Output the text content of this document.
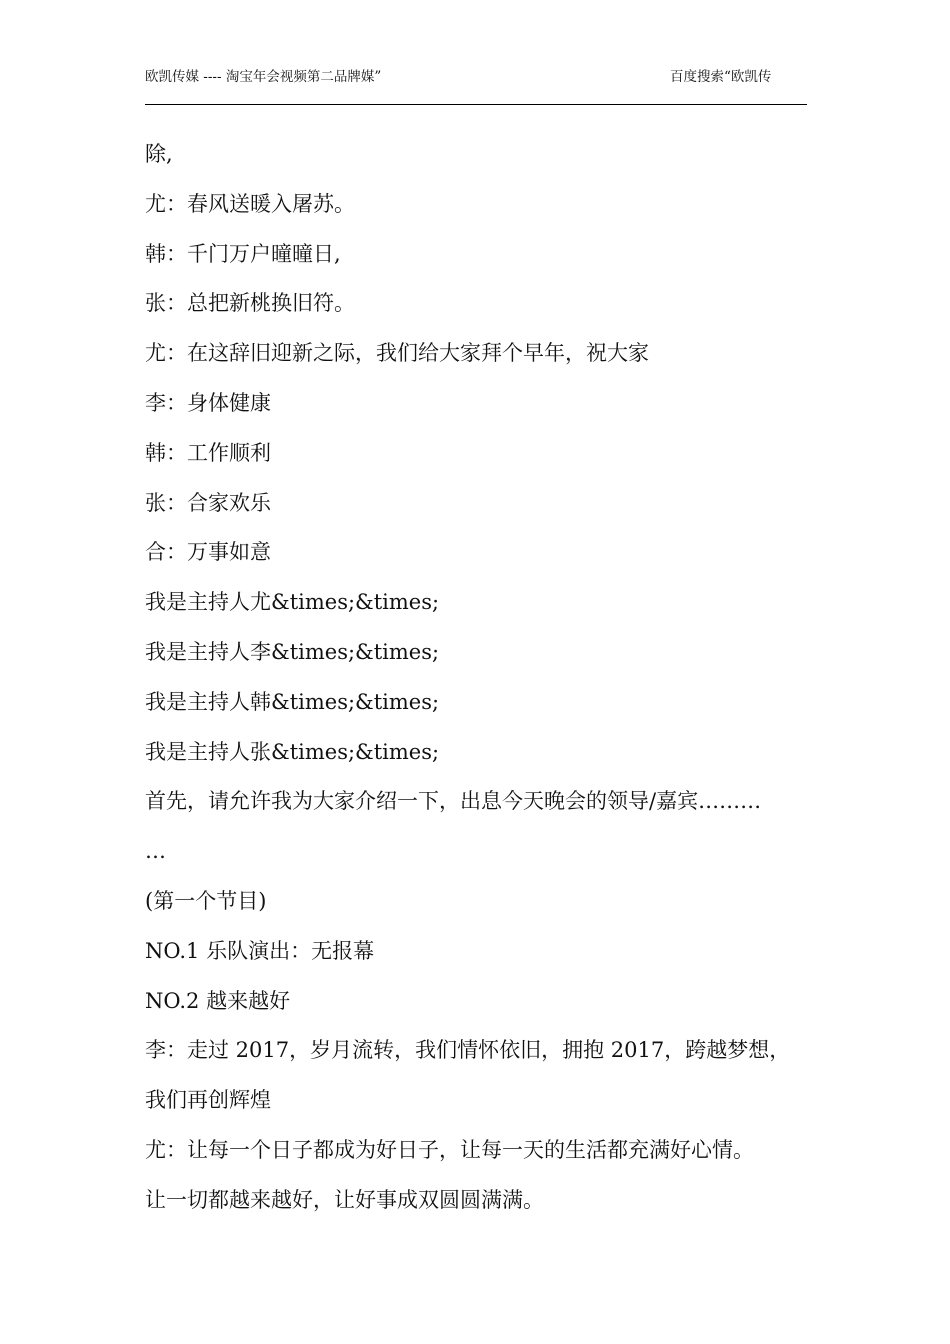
欧凯传媒 ---- 淘宝年会视频第二品牌媒”	百度搜索“欧凯传
除,
尤：春风送暖入屠苏。
韩：千门万户曈曈日,
张：总把新桃换旧符。
尤：在这辞旧迎新之际，我们给大家拜个早年，祝大家
李：身体健康
韩：工作顺利
张：合家欢乐
合：万事如意
我是主持人尤&times;&times;
我是主持人李&times;&times;
我是主持人韩&times;&times;
我是主持人张&times;&times;
首先，请允许我为大家介绍一下，出息今天晚会的领导/嘉宾………
…
(第一个节目)
NO.1 乐队演出：无报幕
NO.2 越来越好
李：走过 2017，岁月流转，我们情怀依旧，拥抱 2017，跨越梦想，
我们再创辉煌
尤：让每一个日子都成为好日子，让每一天的生活都充满好心情。
让一切都越来越好，让好事成双圆圆满满。
